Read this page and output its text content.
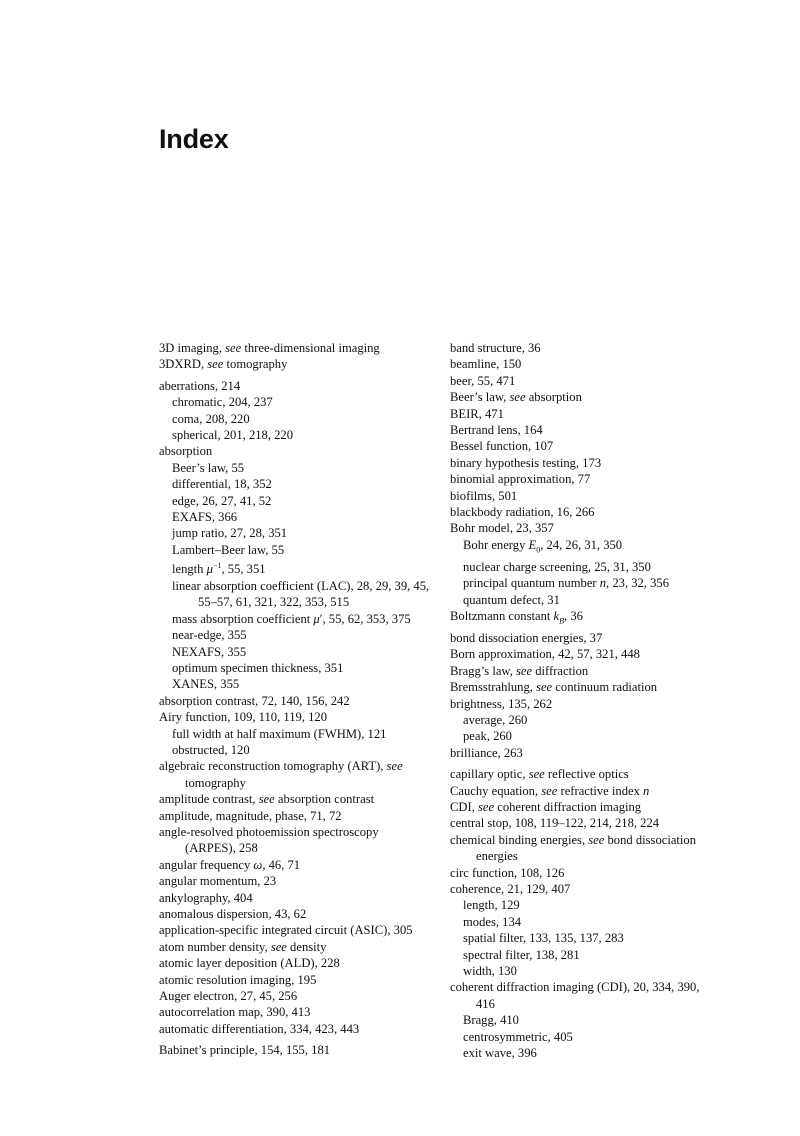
Index
3D imaging, see three-dimensional imaging
3DXRD, see tomography
aberrations, 214
chromatic, 204, 237
coma, 208, 220
spherical, 201, 218, 220
absorption
Beer’s law, 55
differential, 18, 352
edge, 26, 27, 41, 52
EXAFS, 366
jump ratio, 27, 28, 351
Lambert–Beer law, 55
length $\mu^{-1}$, 55, 351
linear absorption coefficient (LAC), 28, 29, 39, 45, 55–57, 61, 321, 322, 353, 515
mass absorption coefficient μ′, 55, 62, 353, 375
near-edge, 355
NEXAFS, 355
optimum specimen thickness, 351
XANES, 355
absorption contrast, 72, 140, 156, 242
Airy function, 109, 110, 119, 120
full width at half maximum (FWHM), 121
obstructed, 120
algebraic reconstruction tomography (ART), see tomography
amplitude contrast, see absorption contrast
amplitude, magnitude, phase, 71, 72
angle-resolved photoemission spectroscopy (ARPES), 258
angular frequency ω, 46, 71
angular momentum, 23
ankylography, 404
anomalous dispersion, 43, 62
application-specific integrated circuit (ASIC), 305
atom number density, see density
atomic layer deposition (ALD), 228
atomic resolution imaging, 195
Auger electron, 27, 45, 256
autocorrelation map, 390, 413
automatic differentiation, 334, 423, 443
Babinet’s principle, 154, 155, 181
band structure, 36
beamline, 150
beer, 55, 471
Beer’s law, see absorption
BEIR, 471
Bertrand lens, 164
Bessel function, 107
binary hypothesis testing, 173
binomial approximation, 77
biofilms, 501
blackbody radiation, 16, 266
Bohr model, 23, 357
Bohr energy $E_0$, 24, 26, 31, 350
nuclear charge screening, 25, 31, 350
principal quantum number n, 23, 32, 356
quantum defect, 31
Boltzmann constant $k_B$, 36
bond dissociation energies, 37
Born approximation, 42, 57, 321, 448
Bragg’s law, see diffraction
Bremsstrahlung, see continuum radiation
brightness, 135, 262
average, 260
peak, 260
brilliance, 263
capillary optic, see reflective optics
Cauchy equation, see refractive index n
CDI, see coherent diffraction imaging
central stop, 108, 119–122, 214, 218, 224
chemical binding energies, see bond dissociation energies
circ function, 108, 126
coherence, 21, 129, 407
length, 129
modes, 134
spatial filter, 133, 135, 137, 283
spectral filter, 138, 281
width, 130
coherent diffraction imaging (CDI), 20, 334, 390, 416
Bragg, 410
centrosymmetric, 405
exit wave, 396
